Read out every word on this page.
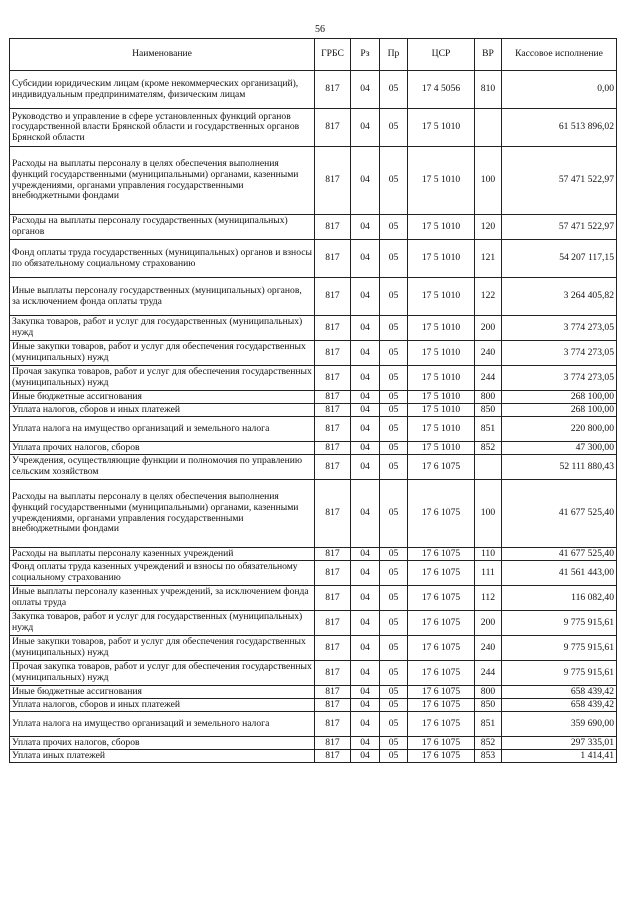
56
Наименование	ГРБС	Рз	Пр	ЦСР	ВР	Кассовое исполнение
Субсидии юридическим лицам (кроме некоммерческих организаций), индивидуальным предпринимателям, физическим лицам	817	04	05	17 4 5056	810	0,00
Руководство и управление в сфере установленных функций органов государственной власти Брянской области и государственных органов Брянской области	817	04	05	17 5 1010		61 513 896,02
Расходы на выплаты персоналу в целях обеспечения выполнения функций государственными (муниципальными) органами, казенными учреждениями, органами управления государственными внебюджетными фондами	817	04	05	17 5 1010	100	57 471 522,97
Расходы на выплаты персоналу государственных (муниципальных) органов	817	04	05	17 5 1010	120	57 471 522,97
Фонд оплаты труда государственных (муниципальных) органов и взносы по обязательному социальному страхованию	817	04	05	17 5 1010	121	54 207 117,15
Иные выплаты персоналу государственных (муниципальных) органов, за исключением фонда оплаты труда	817	04	05	17 5 1010	122	3 264 405,82
Закупка товаров, работ и услуг для государственных (муниципальных) нужд	817	04	05	17 5 1010	200	3 774 273,05
Иные закупки товаров, работ и услуг для обеспечения государственных (муниципальных) нужд	817	04	05	17 5 1010	240	3 774 273,05
Прочая закупка товаров, работ и услуг для обеспечения государственных (муниципальных) нужд	817	04	05	17 5 1010	244	3 774 273,05
Иные бюджетные ассигнования	817	04	05	17 5 1010	800	268 100,00
Уплата налогов, сборов и иных платежей	817	04	05	17 5 1010	850	268 100,00
Уплата налога на имущество организаций и земельного налога	817	04	05	17 5 1010	851	220 800,00
Уплата прочих налогов, сборов	817	04	05	17 5 1010	852	47 300,00
Учреждения, осуществляющие функции и полномочия по управлению сельским хозяйством	817	04	05	17 6 1075		52 111 880,43
Расходы на выплаты персоналу в целях обеспечения выполнения функций государственными (муниципальными) органами, казенными учреждениями, органами управления государственными внебюджетными фондами	817	04	05	17 6 1075	100	41 677 525,40
Расходы на выплаты персоналу казенных учреждений	817	04	05	17 6 1075	110	41 677 525,40
Фонд оплаты труда казенных учреждений и взносы по обязательному социальному страхованию	817	04	05	17 6 1075	111	41 561 443,00
Иные выплаты персоналу казенных учреждений, за исключением фонда оплаты труда	817	04	05	17 6 1075	112	116 082,40
Закупка товаров, работ и услуг для государственных (муниципальных) нужд	817	04	05	17 6 1075	200	9 775 915,61
Иные закупки товаров, работ и услуг для обеспечения государственных (муниципальных) нужд	817	04	05	17 6 1075	240	9 775 915,61
Прочая закупка товаров, работ и услуг для обеспечения государственных (муниципальных) нужд	817	04	05	17 6 1075	244	9 775 915,61
Иные бюджетные ассигнования	817	04	05	17 6 1075	800	658 439,42
Уплата налогов, сборов и иных платежей	817	04	05	17 6 1075	850	658 439,42
Уплата налога на имущество организаций и земельного налога	817	04	05	17 6 1075	851	359 690,00
Уплата прочих налогов, сборов	817	04	05	17 6 1075	852	297 335,01
Уплата иных платежей	817	04	05	17 6 1075	853	1 414,41
